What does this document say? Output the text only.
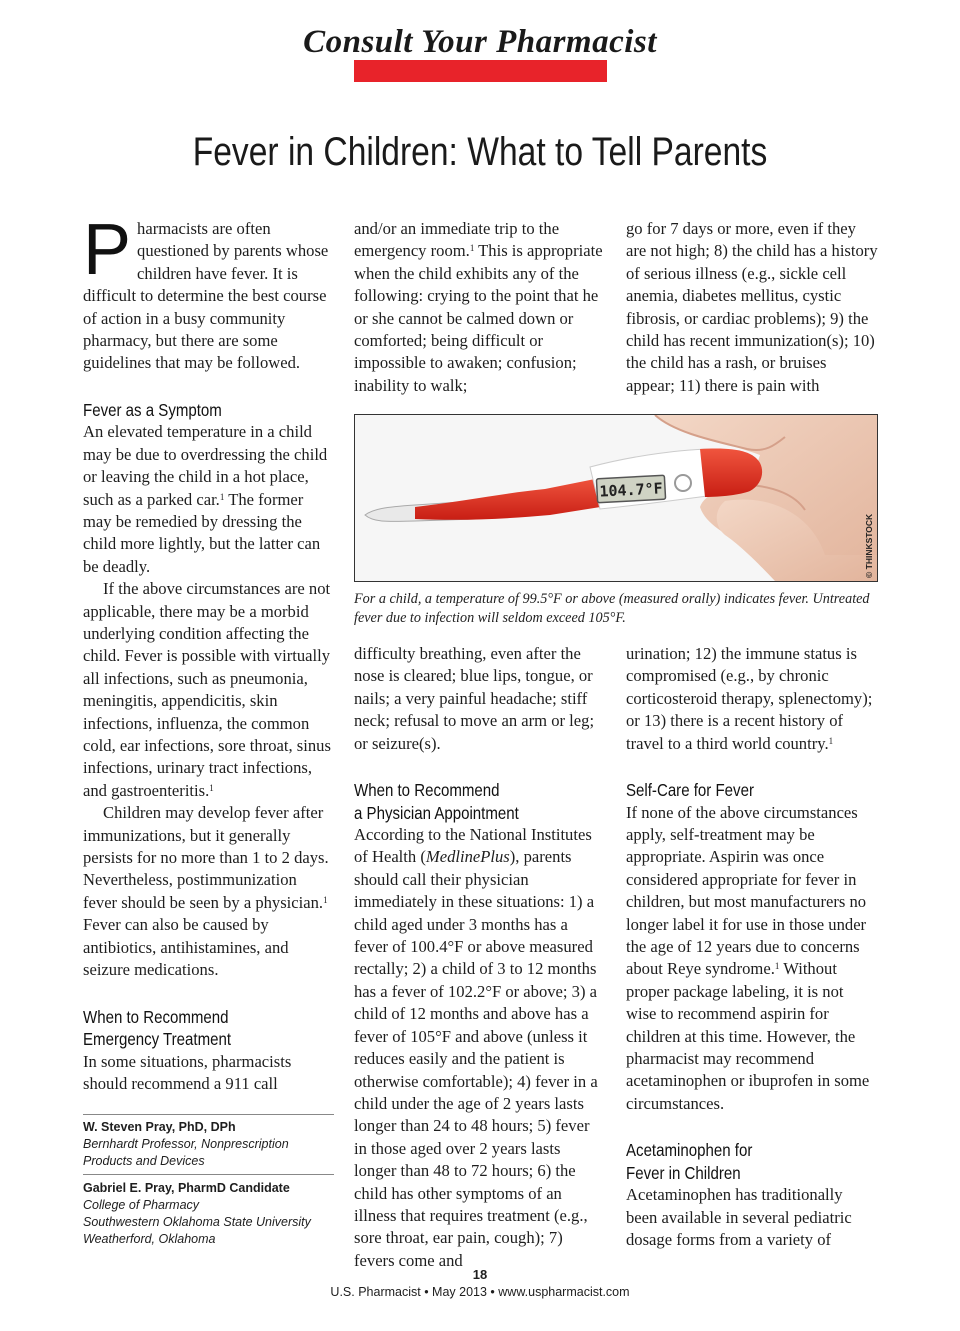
Consult Your Pharmacist
Fever in Children: What to Tell Parents

Pharmacists are often questioned by parents whose children have fever. It is difficult to determine the best course of action in a busy community pharmacy, but there are some guidelines that may be followed.

Fever as a Symptom

An elevated temperature in a child may be due to overdressing the child or leaving the child in a hot place, such as a parked car.$^1$ The former may be remedied by dressing the child more lightly, but the latter can be deadly.

If the above circumstances are not applicable, there may be a morbid underlying condition affecting the child. Fever is possible with virtually all infections, such as pneumonia, meningitis, appendicitis, skin infections, influenza, the common cold, ear infections, sore throat, sinus infections, urinary tract infections, and gastroenteritis.$^1$

Children may develop fever after immunizations, but it generally persists for no more than 1 to 2 days. Nevertheless, postimmunization fever should be seen by a physician.$^1$ Fever can also be caused by antibiotics, antihistamines, and seizure medications.

When to Recommend
Emergency Treatment

In some situations, pharmacists should recommend a 911 call

W. Steven Pray, PhD, DPh
Bernhardt Professor, Nonprescription
Products and Devices
Gabriel E. Pray, PharmD Candidate
College of Pharmacy
Southwestern Oklahoma State University
Weatherford, Oklahoma

and/or an immediate trip to the emergency room.$^1$ This is appropriate when the child exhibits any of the following: crying to the point that he or she cannot be calmed down or comforted; being difficult or impossible to awaken; confusion; inability to walk;

go for 7 days or more, even if they are not high; 8) the child has a history of serious illness (e.g., sickle cell anemia, diabetes mellitus, cystic fibrosis, or cardiac problems); 9) the child has recent immunization(s); 10) the child has a rash, or bruises appear; 11) there is pain with

104.7°F
© THINKSTOCK
For a child, a temperature of 99.5°F or above (measured orally) indicates fever. Untreated fever due to infection will seldom exceed 105°F.

difficulty breathing, even after the nose is cleared; blue lips, tongue, or nails; a very painful headache; stiff neck; refusal to move an arm or leg; or seizure(s).

When to Recommend
a Physician Appointment

According to the National Institutes of Health (MedlinePlus), parents should call their physician immediately in these situations: 1) a child aged under 3 months has a fever of 100.4°F or above measured rectally; 2) a child of 3 to 12 months has a fever of 102.2°F or above; 3) a child of 12 months and above has a fever of 105°F and above (unless it reduces easily and the patient is otherwise comfortable); 4) fever in a child under the age of 2 years lasts longer than 24 to 48 hours; 5) fever in those aged over 2 years lasts longer than 48 to 72 hours; 6) the child has other symptoms of an illness that requires treatment (e.g., sore throat, ear pain, cough); 7) fevers come and

urination; 12) the immune status is compromised (e.g., by chronic corticosteroid therapy, splenectomy); or 13) there is a recent history of travel to a third world country.$^1$

Self-Care for Fever

If none of the above circumstances apply, self-treatment may be appropriate. Aspirin was once considered appropriate for fever in children, but most manufacturers no longer label it for use in those under the age of 12 years due to concerns about Reye syndrome.$^1$ Without proper package labeling, it is not wise to recommend aspirin for children at this time. However, the pharmacist may recommend acetaminophen or ibuprofen in some circumstances.

Acetaminophen for
Fever in Children

Acetaminophen has traditionally been available in several pediatric dosage forms from a variety of

18
U.S. Pharmacist • May 2013 • www.uspharmacist.com
